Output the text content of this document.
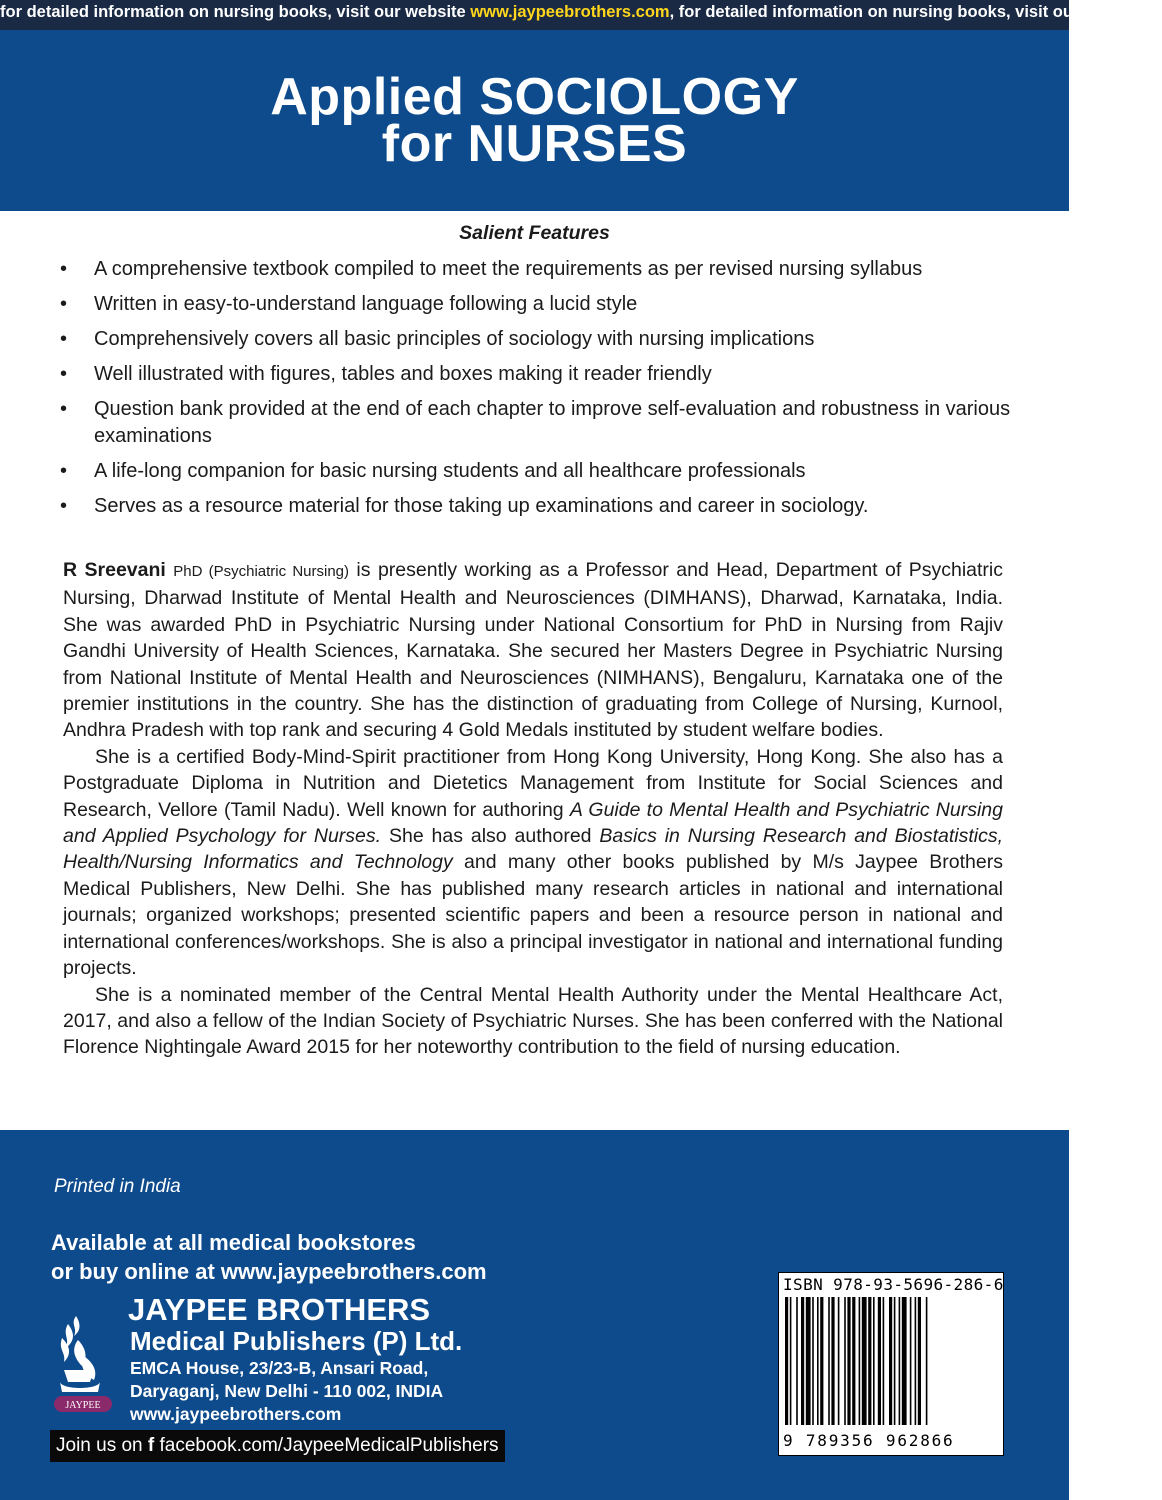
for detailed information on nursing books, visit our website www.jaypeebrothers.com, for detailed information on nursing books, visit our website w
Applied SOCIOLOGY
for NURSES
Salient Features
• A comprehensive textbook compiled to meet the requirements as per revised nursing syllabus
• Written in easy-to-understand language following a lucid style
• Comprehensively covers all basic principles of sociology with nursing implications
• Well illustrated with figures, tables and boxes making it reader friendly
• Question bank provided at the end of each chapter to improve self-evaluation and robustness in various examinations
• A life-long companion for basic nursing students and all healthcare professionals
• Serves as a resource material for those taking up examinations and career in sociology.

R Sreevani PhD (Psychiatric Nursing) is presently working as a Professor and Head, Department of Psychiatric Nursing, Dharwad Institute of Mental Health and Neurosciences (DIMHANS), Dharwad, Karnataka, India. She was awarded PhD in Psychiatric Nursing under National Consortium for PhD in Nursing from Rajiv Gandhi University of Health Sciences, Karnataka. She secured her Masters Degree in Psychiatric Nursing from National Institute of Mental Health and Neurosciences (NIMHANS), Bengaluru, Karnataka one of the premier institutions in the country. She has the distinction of graduating from College of Nursing, Kurnool, Andhra Pradesh with top rank and securing 4 Gold Medals instituted by student welfare bodies.

She is a certified Body-Mind-Spirit practitioner from Hong Kong University, Hong Kong. She also has a Postgraduate Diploma in Nutrition and Dietetics Management from Institute for Social Sciences and Research, Vellore (Tamil Nadu). Well known for authoring A Guide to Mental Health and Psychiatric Nursing and Applied Psychology for Nurses. She has also authored Basics in Nursing Research and Biostatistics, Health/Nursing Informatics and Technology and many other books published by M/s Jaypee Brothers Medical Publishers, New Delhi. She has published many research articles in national and international journals; organized workshops; presented scientific papers and been a resource person in national and international conferences/workshops. She is also a principal investigator in national and international funding projects.

She is a nominated member of the Central Mental Health Authority under the Mental Healthcare Act, 2017, and also a fellow of the Indian Society of Psychiatric Nurses. She has been conferred with the National Florence Nightingale Award 2015 for her noteworthy contribution to the field of nursing education.

Printed in India
Available at all medical bookstores
or buy online at www.jaypeebrothers.com
JAYPEE
JAYPEE BROTHERS
Medical Publishers (P) Ltd.
EMCA House, 23/23-B, Ansari Road,
Daryaganj, New Delhi - 110 002, INDIA
www.jaypeebrothers.com
Join us on f facebook.com/JaypeeMedicalPublishers
ISBN 978-93-5696-286-6
9 789356 962866
